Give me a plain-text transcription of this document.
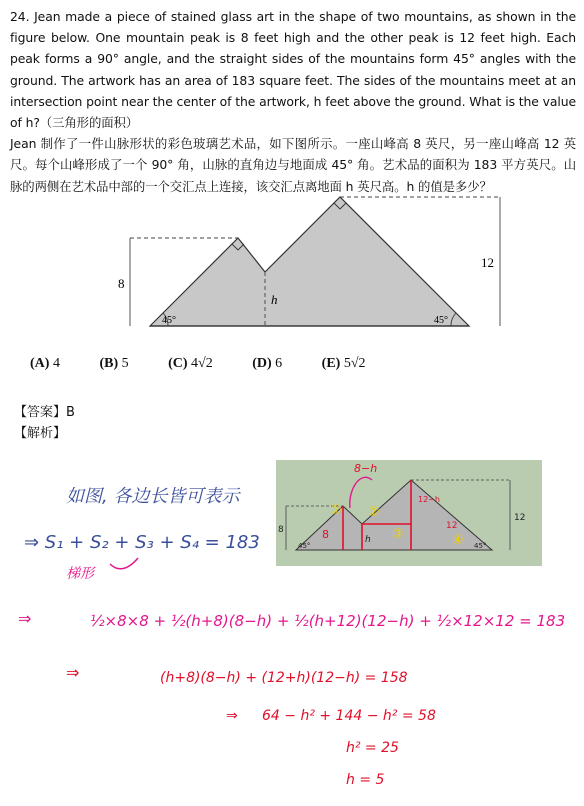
24. Jean made a piece of stained glass art in the shape of two mountains, as shown in the figure below. One mountain peak is 8 feet high and the other peak is 12 feet high. Each peak forms a 90° angle, and the straight sides of the mountains form 45° angles with the ground. The artwork has an area of 183 square feet. The sides of the mountains meet at an intersection point near the center of the artwork, h feet above the ground. What is the value of h?（三角形的面积）

Jean 制作了一件山脉形状的彩色玻璃艺术品，如下图所示。一座山峰高 8 英尺，另一座山峰高 12 英尺。每个山峰形成了一个 90° 角，山脉的直角边与地面成 45° 角。艺术品的面积为 183 平方英尺。山脉的两侧在艺术品中部的一个交汇点上连接，该交汇点离地面 h 英尺高。h 的值是多少？

8
12
h
45°	45°
(A) 4	(B) 5	(C) 4√2	(D) 6	(E) 5√2
【答案】B
【解析】
8−h
12−h
12
8
12
8
h
45°	45°
① ②
③	④
如图, 各边长皆可表示
⇒ S₁ + S₂ + S₃ + S₄ = 183
梯形
⇒	½×8×8 + ½(h+8)(8−h) + ½(h+12)(12−h) + ½×12×12 = 183
⇒	(h+8)(8−h) + (12+h)(12−h) = 158
⇒ 64 − h² + 144 − h² = 58
h² = 25
h = 5
